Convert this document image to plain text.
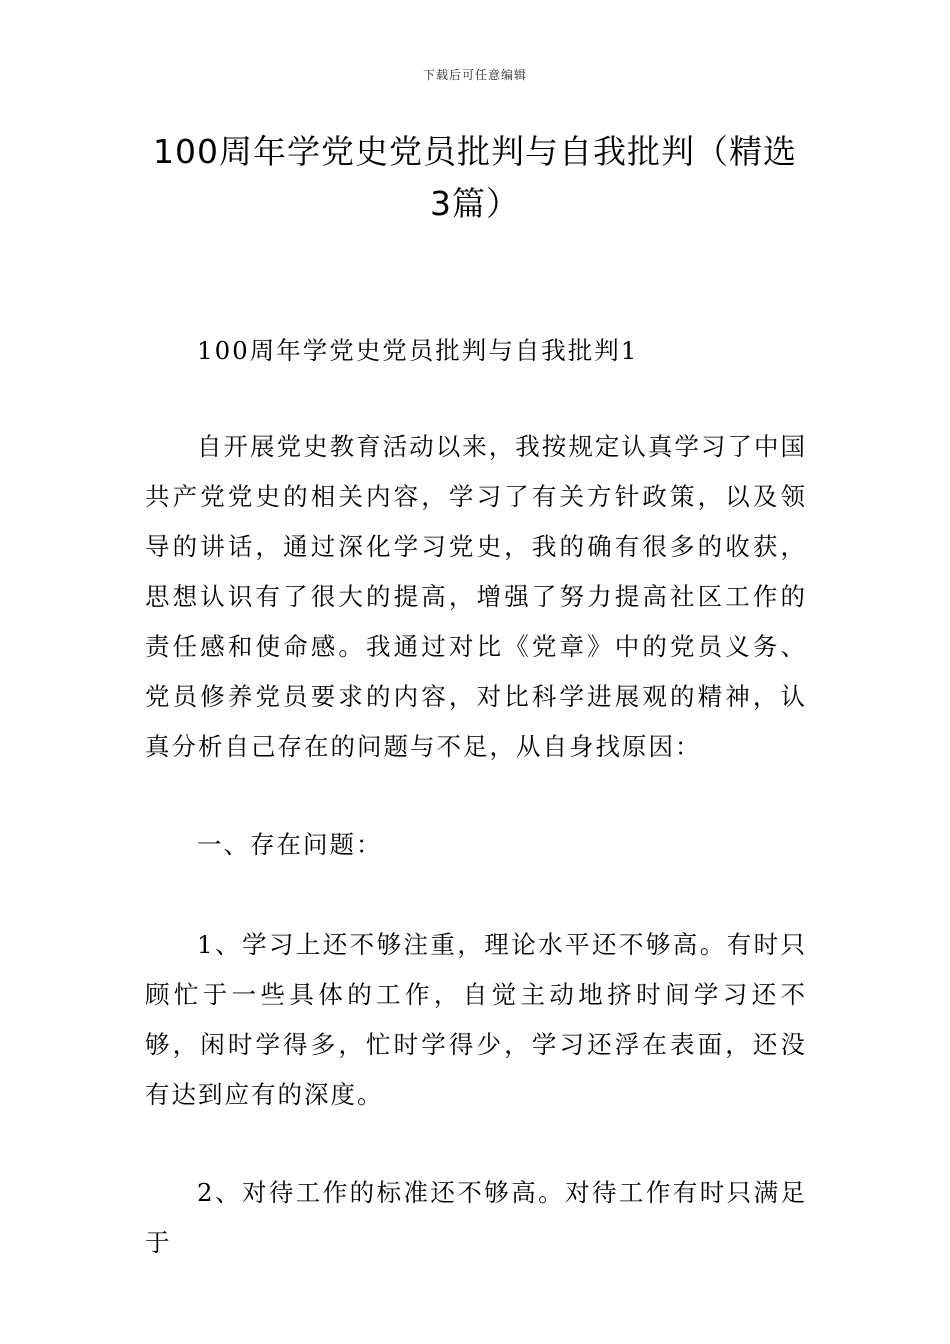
下载后可任意编辑
100周年学党史党员批判与自我批判（精选3篇）

100周年学党史党员批判与自我批判1

自开展党史教育活动以来，我按规定认真学习了中国共产党党史的相关内容，学习了有关方针政策，以及领导的讲话，通过深化学习党史，我的确有很多的收获，思想认识有了很大的提高，增强了努力提高社区工作的责任感和使命感。我通过对比《党章》中的党员义务、党员修养党员要求的内容，对比科学进展观的精神，认真分析自己存在的问题与不足，从自身找原因：

一、存在问题：

1、学习上还不够注重，理论水平还不够高。有时只顾忙于一些具体的工作，自觉主动地挤时间学习还不够，闲时学得多，忙时学得少，学习还浮在表面，还没有达到应有的深度。

2、对待工作的标准还不够高。对待工作有时只满足于
